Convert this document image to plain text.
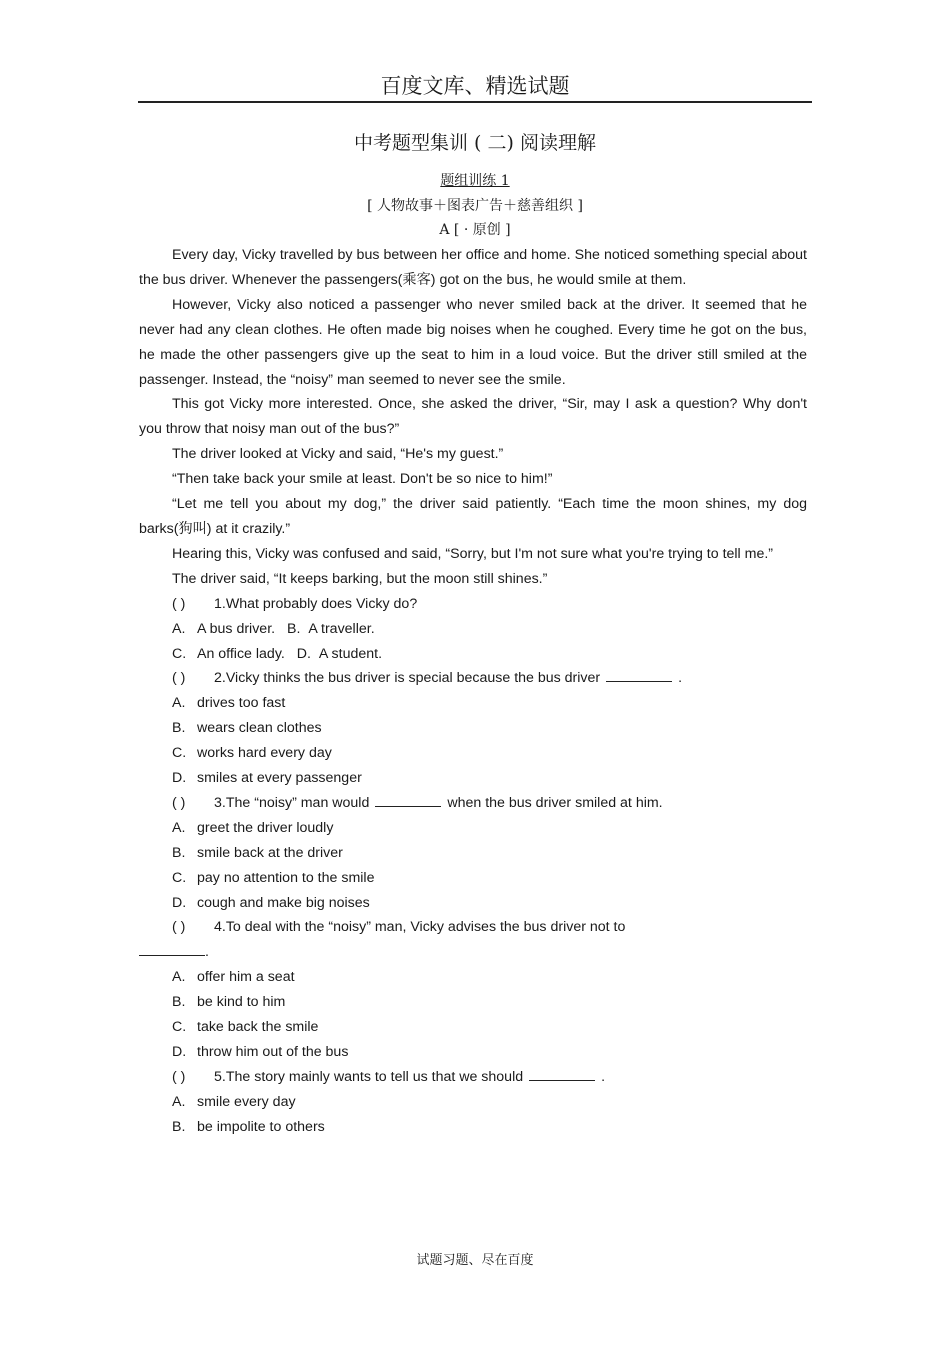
百度文库、精选试题
中考题型集训 ( 二) 阅读理解
题组训练 1
[ 人物故事＋图表广告＋慈善组织 ]
A [ · 原创 ]

Every day, Vicky travelled by bus between her office and home. She noticed something special about the bus driver. Whenever the passengers(乘客) got on the bus, he would smile at them.

However, Vicky also noticed a passenger who never smiled back at the driver. It seemed that he never had any clean clothes. He often made big noises when he coughed. Every time he got on the bus, he made the other passengers give up the seat to him in a loud voice. But the driver still smiled at the passenger. Instead, the “noisy” man seemed to never see the smile.

This got Vicky more interested. Once, she asked the driver, “Sir, may I ask a question? Why don't you throw that noisy man out of the bus?”

The driver looked at Vicky and said, “He's my guest.”

“Then take back your smile at least. Don't be so nice to him!”

“Let me tell you about my dog,” the driver said patiently. “Each time the moon shines, my dog barks(狗叫) at it crazily.”

Hearing this, Vicky was confused and said, “Sorry, but I'm not sure what you're trying to tell me.”

The driver said, “It keeps barking, but the moon still shines.”

( ) 1.What probably does Vicky do?
A. A bus driver. B. A traveller.
C. An office lady. D. A student.
( ) 2.Vicky thinks the bus driver is special because the bus driver	.
A. drives too fast
B. wears clean clothes
C. works hard every day
D. smiles at every passenger
( ) 3.The “noisy” man would	when the bus driver smiled at him.
A. greet the driver loudly
B. smile back at the driver
C. pay no attention to the smile
D. cough and make big noises
( ) 4.To deal with the “noisy” man, Vicky advises the bus driver not to
.
A. offer him a seat
B. be kind to him
C. take back the smile
D. throw him out of the bus
( ) 5.The story mainly wants to tell us that we should	.
A. smile every day
B. be impolite to others
试题习题、尽在百度
